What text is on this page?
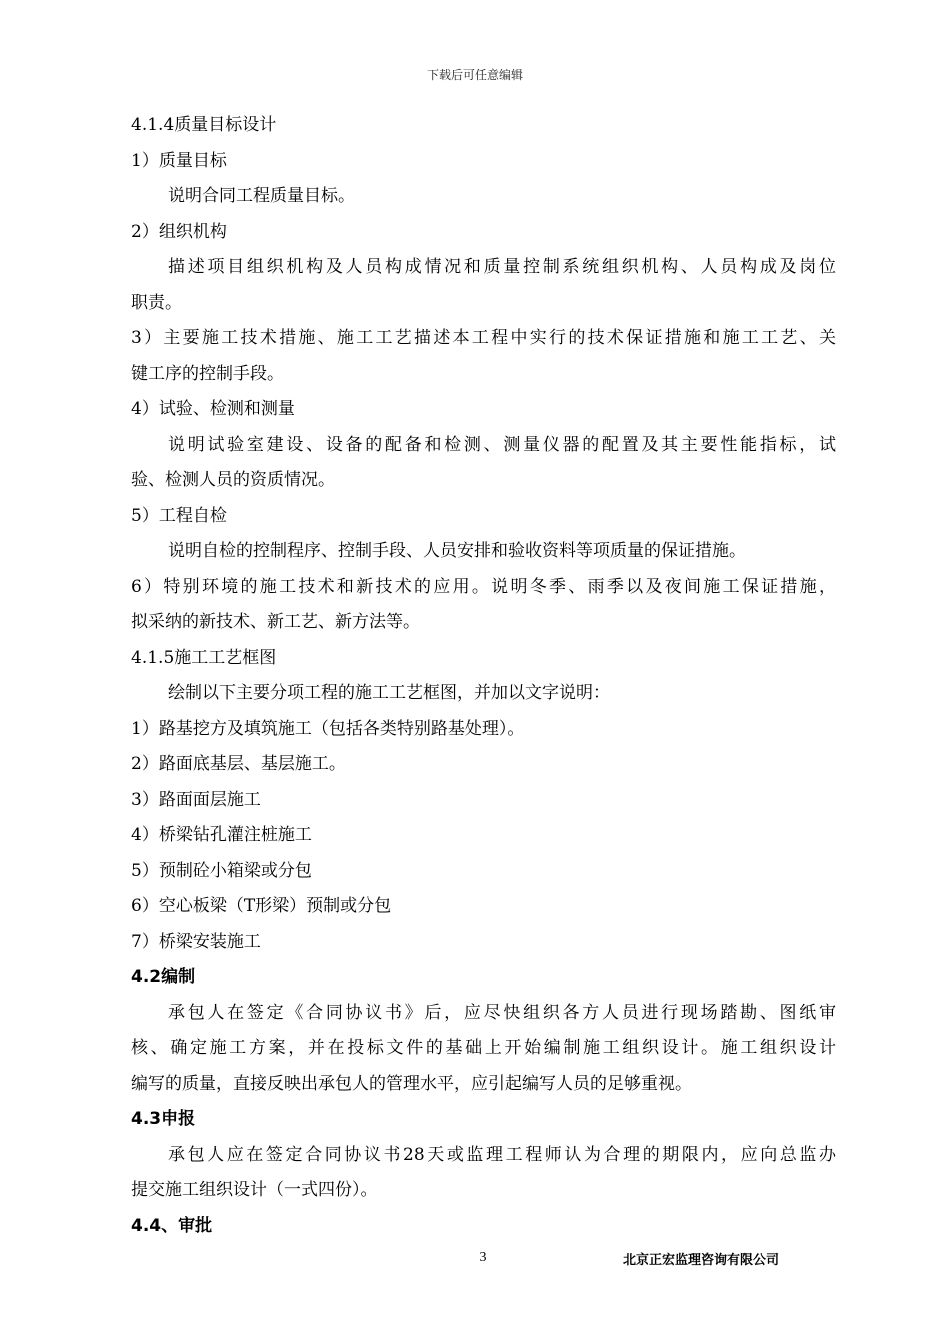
下载后可任意编辑

4.1.4质量目标设计

1）质量目标

说明合同工程质量目标。

2）组织机构

描述项目组织机构及人员构成情况和质量控制系统组织机构、人员构成及岗位

职责。

3）主要施工技术措施、施工工艺描述本工程中实行的技术保证措施和施工工艺、关

键工序的控制手段。

4）试验、检测和测量

说明试验室建设、设备的配备和检测、测量仪器的配置及其主要性能指标，试

验、检测人员的资质情况。

5）工程自检

说明自检的控制程序、控制手段、人员安排和验收资料等项质量的保证措施。

6）特别环境的施工技术和新技术的应用。说明冬季、雨季以及夜间施工保证措施，

拟采纳的新技术、新工艺、新方法等。

4.1.5施工工艺框图

绘制以下主要分项工程的施工工艺框图，并加以文字说明：

1）路基挖方及填筑施工（包括各类特别路基处理）。

2）路面底基层、基层施工。

3）路面面层施工

4）桥梁钻孔灌注桩施工

5）预制砼小箱梁或分包

6）空心板梁（T形梁）预制或分包

7）桥梁安装施工

4.2编制

承包人在签定《合同协议书》后，应尽快组织各方人员进行现场踏勘、图纸审

核、确定施工方案，并在投标文件的基础上开始编制施工组织设计。施工组织设计

编写的质量，直接反映出承包人的管理水平，应引起编写人员的足够重视。

4.3申报

承包人应在签定合同协议书28天或监理工程师认为合理的期限内，应向总监办

提交施工组织设计（一式四份）。

4.4、审批

3	北京正宏监理咨询有限公司
